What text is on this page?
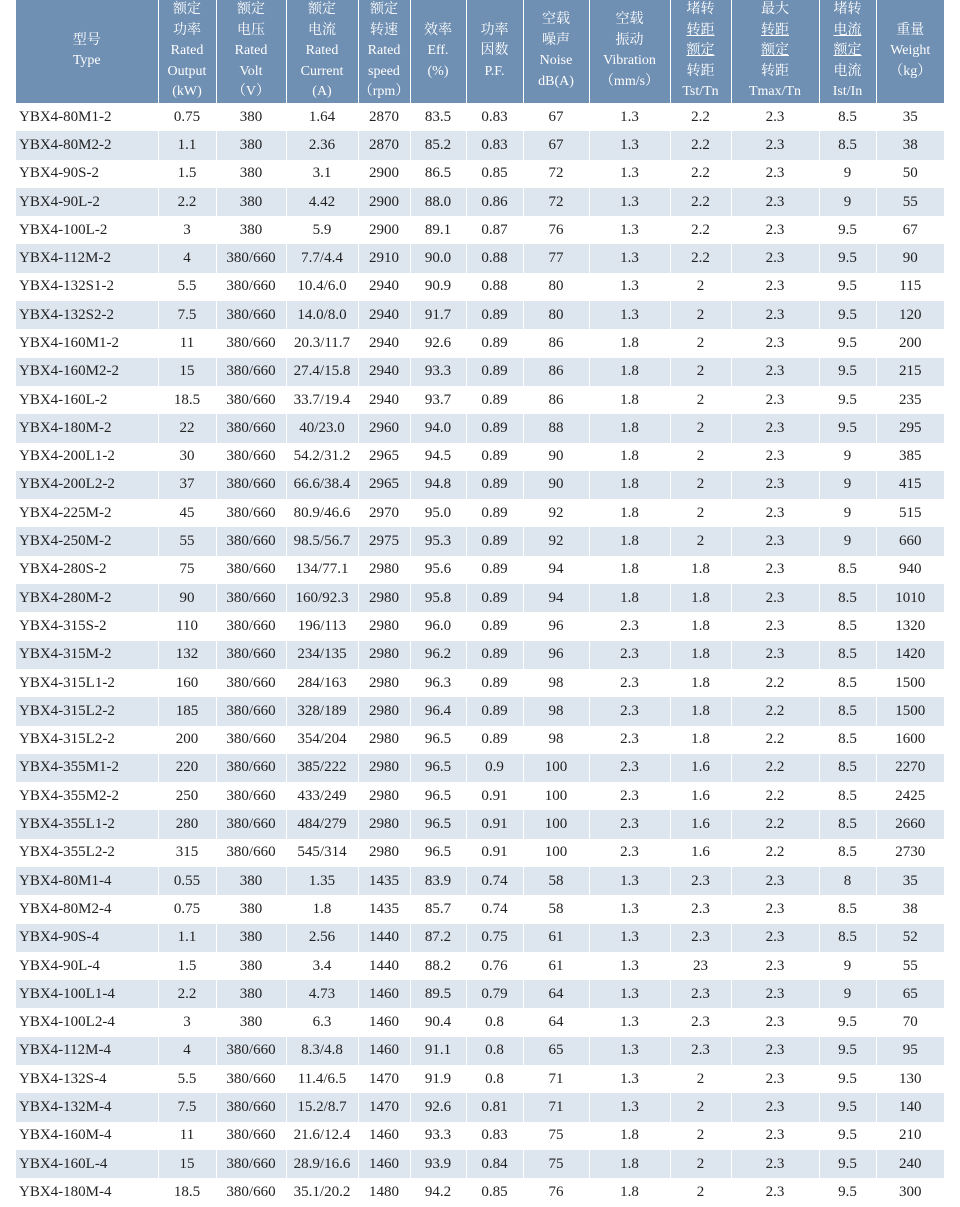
型号
Type	额定
功率
Rated
Output
(kW)	额定
电压
Rated
Volt
（V）	额定
电流
Rated
Current
(A)	额定
转速
Rated
speed
（rpm）	效率
Eff.
(%)	功率
因数
P.F.	空载
噪声
Noise
dB(A)	空载
振动
Vibration
（mm/s）	堵转
转距
额定
转距
Tst/Tn	最大
转距
额定
转距
Tmax/Tn	堵转
电流
额定
电流
Ist/In	重量
Weight
（kg）
YBX4-80M1-2	0.75	380	1.64	2870	83.5	0.83	67	1.3	2.2	2.3	8.5	35
YBX4-80M2-2	1.1	380	2.36	2870	85.2	0.83	67	1.3	2.2	2.3	8.5	38
YBX4-90S-2	1.5	380	3.1	2900	86.5	0.85	72	1.3	2.2	2.3	9	50
YBX4-90L-2	2.2	380	4.42	2900	88.0	0.86	72	1.3	2.2	2.3	9	55
YBX4-100L-2	3	380	5.9	2900	89.1	0.87	76	1.3	2.2	2.3	9.5	67
YBX4-112M-2	4	380/660	7.7/4.4	2910	90.0	0.88	77	1.3	2.2	2.3	9.5	90
YBX4-132S1-2	5.5	380/660	10.4/6.0	2940	90.9	0.88	80	1.3	2	2.3	9.5	115
YBX4-132S2-2	7.5	380/660	14.0/8.0	2940	91.7	0.89	80	1.3	2	2.3	9.5	120
YBX4-160M1-2	11	380/660	20.3/11.7	2940	92.6	0.89	86	1.8	2	2.3	9.5	200
YBX4-160M2-2	15	380/660	27.4/15.8	2940	93.3	0.89	86	1.8	2	2.3	9.5	215
YBX4-160L-2	18.5	380/660	33.7/19.4	2940	93.7	0.89	86	1.8	2	2.3	9.5	235
YBX4-180M-2	22	380/660	40/23.0	2960	94.0	0.89	88	1.8	2	2.3	9.5	295
YBX4-200L1-2	30	380/660	54.2/31.2	2965	94.5	0.89	90	1.8	2	2.3	9	385
YBX4-200L2-2	37	380/660	66.6/38.4	2965	94.8	0.89	90	1.8	2	2.3	9	415
YBX4-225M-2	45	380/660	80.9/46.6	2970	95.0	0.89	92	1.8	2	2.3	9	515
YBX4-250M-2	55	380/660	98.5/56.7	2975	95.3	0.89	92	1.8	2	2.3	9	660
YBX4-280S-2	75	380/660	134/77.1	2980	95.6	0.89	94	1.8	1.8	2.3	8.5	940
YBX4-280M-2	90	380/660	160/92.3	2980	95.8	0.89	94	1.8	1.8	2.3	8.5	1010
YBX4-315S-2	110	380/660	196/113	2980	96.0	0.89	96	2.3	1.8	2.3	8.5	1320
YBX4-315M-2	132	380/660	234/135	2980	96.2	0.89	96	2.3	1.8	2.3	8.5	1420
YBX4-315L1-2	160	380/660	284/163	2980	96.3	0.89	98	2.3	1.8	2.2	8.5	1500
YBX4-315L2-2	185	380/660	328/189	2980	96.4	0.89	98	2.3	1.8	2.2	8.5	1500
YBX4-315L2-2	200	380/660	354/204	2980	96.5	0.89	98	2.3	1.8	2.2	8.5	1600
YBX4-355M1-2	220	380/660	385/222	2980	96.5	0.9	100	2.3	1.6	2.2	8.5	2270
YBX4-355M2-2	250	380/660	433/249	2980	96.5	0.91	100	2.3	1.6	2.2	8.5	2425
YBX4-355L1-2	280	380/660	484/279	2980	96.5	0.91	100	2.3	1.6	2.2	8.5	2660
YBX4-355L2-2	315	380/660	545/314	2980	96.5	0.91	100	2.3	1.6	2.2	8.5	2730
YBX4-80M1-4	0.55	380	1.35	1435	83.9	0.74	58	1.3	2.3	2.3	8	35
YBX4-80M2-4	0.75	380	1.8	1435	85.7	0.74	58	1.3	2.3	2.3	8.5	38
YBX4-90S-4	1.1	380	2.56	1440	87.2	0.75	61	1.3	2.3	2.3	8.5	52
YBX4-90L-4	1.5	380	3.4	1440	88.2	0.76	61	1.3	23	2.3	9	55
YBX4-100L1-4	2.2	380	4.73	1460	89.5	0.79	64	1.3	2.3	2.3	9	65
YBX4-100L2-4	3	380	6.3	1460	90.4	0.8	64	1.3	2.3	2.3	9.5	70
YBX4-112M-4	4	380/660	8.3/4.8	1460	91.1	0.8	65	1.3	2.3	2.3	9.5	95
YBX4-132S-4	5.5	380/660	11.4/6.5	1470	91.9	0.8	71	1.3	2	2.3	9.5	130
YBX4-132M-4	7.5	380/660	15.2/8.7	1470	92.6	0.81	71	1.3	2	2.3	9.5	140
YBX4-160M-4	11	380/660	21.6/12.4	1460	93.3	0.83	75	1.8	2	2.3	9.5	210
YBX4-160L-4	15	380/660	28.9/16.6	1460	93.9	0.84	75	1.8	2	2.3	9.5	240
YBX4-180M-4	18.5	380/660	35.1/20.2	1480	94.2	0.85	76	1.8	2	2.3	9.5	300
